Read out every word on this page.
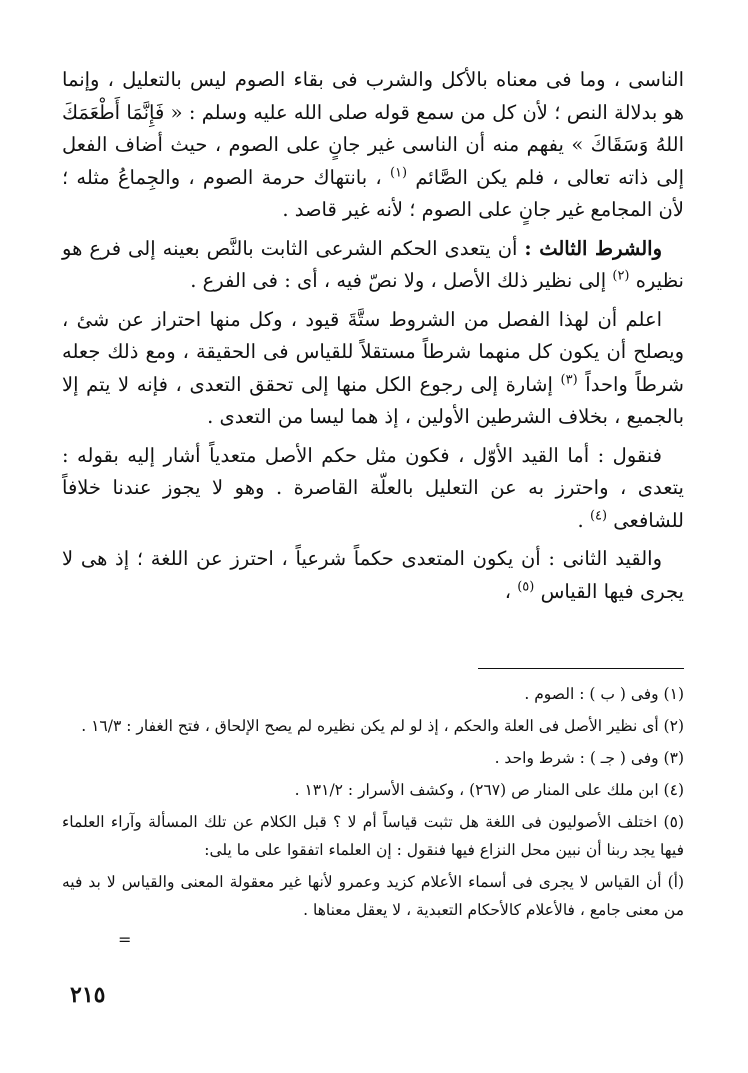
الناسى ، وما فى معناه بالأكل والشرب فى بقاء الصوم ليس بالتعليل ، وإنما هو بدلالة النص ؛ لأن كل من سمع قوله صلى الله عليه وسلم : « فَإِنَّمَا أَطْعَمَكَ اللهُ وَسَقَاكَ » يفهم منه أن الناسى غير جانٍ على الصوم ، حيث أضاف الفعل إلى ذاته تعالى ، فلم يكن الصَّائم $^{(١)}$ ، بانتهاك حرمة الصوم ، والجِماعُ مثله ؛ لأن المجامع غير جانٍ على الصوم ؛ لأنه غير قاصد .

والشرط الثالث : أن يتعدى الحكم الشرعى الثابت بالنَّص بعينه إلى فرع هو نظيره $^{(٢)}$ إلى نظير ذلك الأصل ، ولا نصّ فيه ، أى : فى الفرع .

اعلم أن لهذا الفصل من الشروط ستَّةَ قيود ، وكل منها احتراز عن شئ ، ويصلح أن يكون كل منهما شرطاً مستقلاً للقياس فى الحقيقة ، ومع ذلك جعله شرطاً واحداً $^{(٣)}$ إشارة إلى رجوع الكل منها إلى تحقق التعدى ، فإنه لا يتم إلا بالجميع ، بخلاف الشرطين الأولين ، إذ هما ليسا من التعدى .

فنقول : أما القيد الأوّل ، فكون مثل حكم الأصل متعدياً أشار إليه بقوله : يتعدى ، واحترز به عن التعليل بالعلّة القاصرة . وهو لا يجوز عندنا خلافاً للشافعى $^{(٤)}$ .

والقيد الثانى : أن يكون المتعدى حكماً شرعياً ، احترز عن اللغة ؛ إذ هى لا يجرى فيها القياس $^{(٥)}$ ،

(١) وفى ( ب ) : الصوم .

(٢) أى نظير الأصل فى العلة والحكم ، إذ لو لم يكن نظيره لم يصح الإلحاق ، فتح الغفار : ١٦/٣ .

(٣) وفى ( جـ ) : شرط واحد .

(٤) ابن ملك على المنار ص (٢٦٧) ، وكشف الأسرار : ١٣١/٢ .

(٥) اختلف الأصوليون فى اللغة هل تثبت قياساً أم لا ؟ قبل الكلام عن تلك المسألة وآراء العلماء فيها يجد ربنا أن نبين محل النزاع فيها فنقول : إن العلماء اتفقوا على ما يلى:

(أ) أن القياس لا يجرى فى أسماء الأعلام كزيد وعمرو لأنها غير معقولة المعنى والقياس لا بد فيه من معنى جامع ، فالأعلام كالأحكام التعبدية ، لا يعقل معناها .

=
٢١٥
